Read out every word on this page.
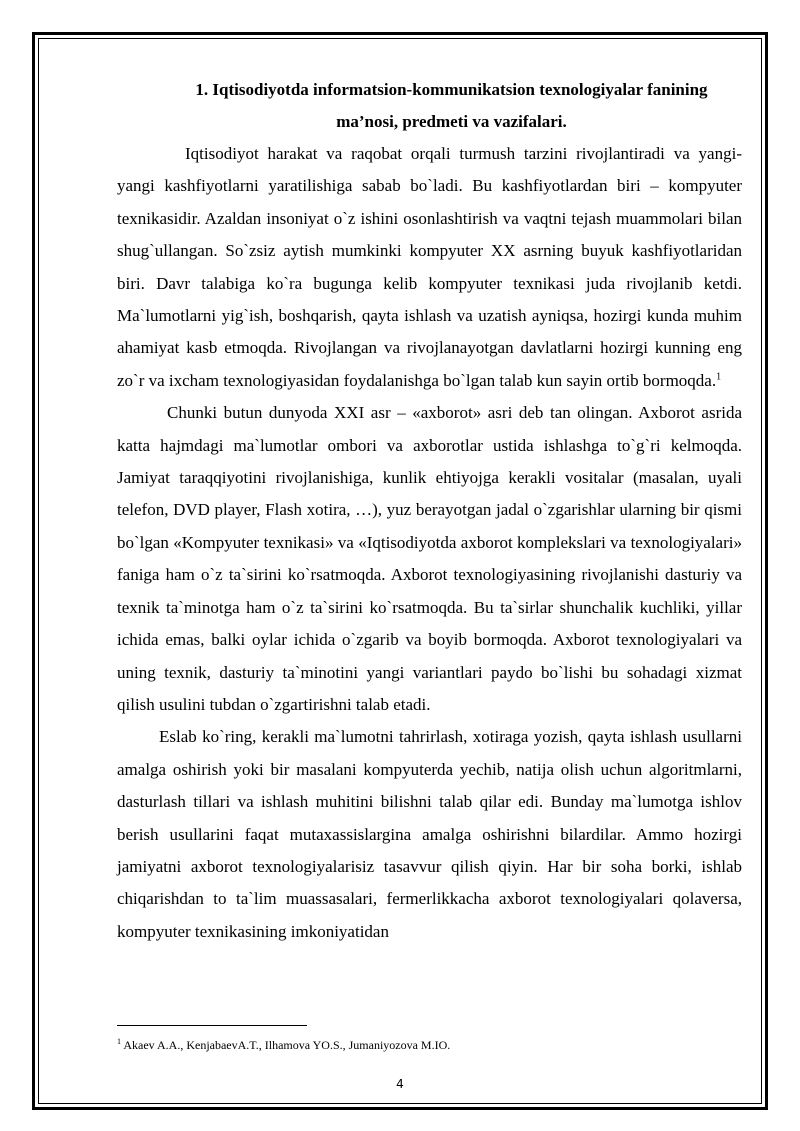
1. Iqtisodiyotda informatsion-kommunikatsion texnologiyalar fanining
ma’nosi, predmeti va vazifalari.

Iqtisodiyot harakat va raqobat orqali turmush tarzini rivojlantiradi va yangi- yangi kashfiyotlarni yaratilishiga sabab bo`ladi. Bu kashfiyotlardan biri – kompyuter texnikasidir. Azaldan insoniyat o`z ishini osonlashtirish va vaqtni tejash muammolari bilan shug`ullangan. So`zsiz aytish mumkinki kompyuter XX asrning buyuk kashfiyotlaridan biri. Davr talabiga ko`ra bugunga kelib kompyuter texnikasi juda rivojlanib ketdi. Ma`lumotlarni yig`ish, boshqarish, qayta ishlash va uzatish ayniqsa, hozirgi kunda muhim ahamiyat kasb etmoqda. Rivojlangan va rivojlanayotgan davlatlarni hozirgi kunning eng zo`r va ixcham texnologiyasidan foydalanishga bo`lgan talab kun sayin ortib bormoqda.$^1$

Chunki butun dunyoda XXI asr – «axborot» asri deb tan olingan. Axborot asrida katta hajmdagi ma`lumotlar ombori va axborotlar ustida ishlashga to`g`ri kelmoqda. Jamiyat taraqqiyotini rivojlanishiga, kunlik ehtiyojga kerakli vositalar (masalan, uyali telefon, DVD player, Flash xotira, …), yuz berayotgan jadal o`zgarishlar ularning bir qismi bo`lgan «Kompyuter texnikasi» va «Iqtisodiyotda axborot komplekslari va texnologiyalari» faniga ham o`z ta`sirini ko`rsatmoqda. Axborot texnologiyasining rivojlanishi dasturiy va texnik ta`minotga ham o`z ta`sirini ko`rsatmoqda. Bu ta`sirlar shunchalik kuchliki, yillar ichida emas, balki oylar ichida o`zgarib va boyib bormoqda. Axborot texnologiyalari va uning texnik, dasturiy ta`minotini yangi variantlari paydo bo`lishi bu sohadagi xizmat qilish usulini tubdan o`zgartirishni talab etadi.

Eslab ko`ring, kerakli ma`lumotni tahrirlash, xotiraga yozish, qayta ishlash usullarni amalga oshirish yoki bir masalani kompyuterda yechib, natija olish uchun algoritmlarni, dasturlash tillari va ishlash muhitini bilishni talab qilar edi. Bunday ma`lumotga ishlov berish usullarini faqat mutaxassislargina amalga oshirishni bilardilar. Ammo hozirgi jamiyatni axborot texnologiyalarisiz tasavvur qilish qiyin. Har bir soha borki, ishlab chiqarishdan to ta`lim muassasalari, fermerlikkacha axborot texnologiyalari qolaversa, kompyuter texnikasining imkoniyatidan

$^1$ Akaev A.A., KenjabaevA.T., Ilhamova YO.S., Jumaniyozova M.IO.
4
